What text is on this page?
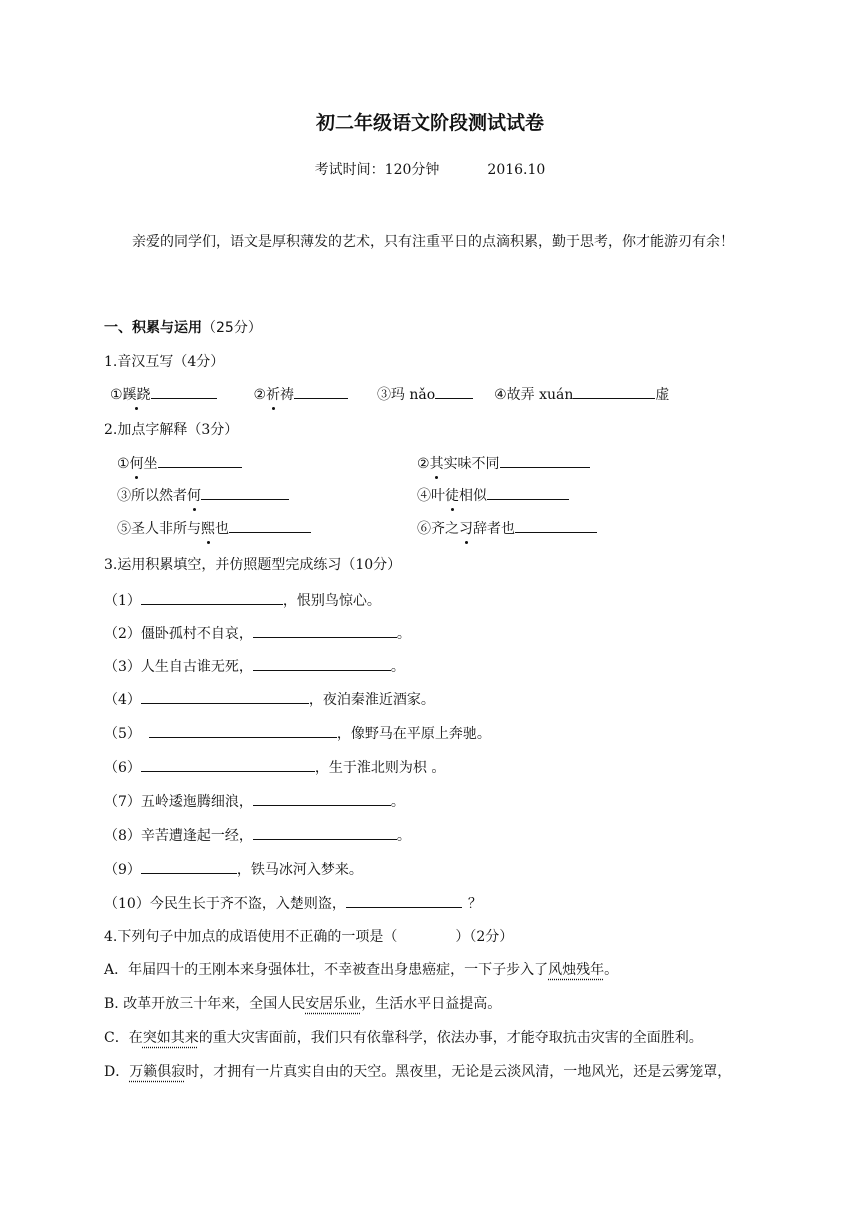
初二年级语文阶段测试试卷
考试时间：120分钟	2016.10
亲爱的同学们，语文是厚积薄发的艺术，只有注重平日的点滴积累，勤于思考，你才能游刃有余！
一、积累与运用（25分）
1.音汉互写（4分）
①蹊跷	②祈祷	③玛 nǎo	④故弄 xuán	虚
2.加点字解释（3分）
①何坐	②其实味不同
③所以然者何	④叶徒相似
⑤圣人非所与熙也	⑥齐之习辞者也
3.运用积累填空，并仿照题型完成练习（10分）
（1）	，恨别鸟惊心。
（2）僵卧孤村不自哀，	。
（3）人生自古谁无死，	。
（4）	，夜泊秦淮近酒家。
（5）	，像野马在平原上奔驰。
（6）	，生于淮北则为枳 。
（7）五岭逶迤腾细浪，	。
（8）辛苦遭逢起一经，	。
（9）	，铁马冰河入梦来。
（10）今民生长于齐不盗，入楚则盗，	？
4.下列句子中加点的成语使用不正确的一项是（	）（2分）
A．年届四十的王刚本来身强体壮，不幸被查出身患癌症，一下子步入了风烛残年。
B. 改革开放三十年来，全国人民安居乐业，生活水平日益提高。
C．在突如其来的重大灾害面前，我们只有依靠科学，依法办事，才能夺取抗击灾害的全面胜利。
D．万籁俱寂时，才拥有一片真实自由的天空。黑夜里，无论是云淡风清，一地风光，还是云雾笼罩，
